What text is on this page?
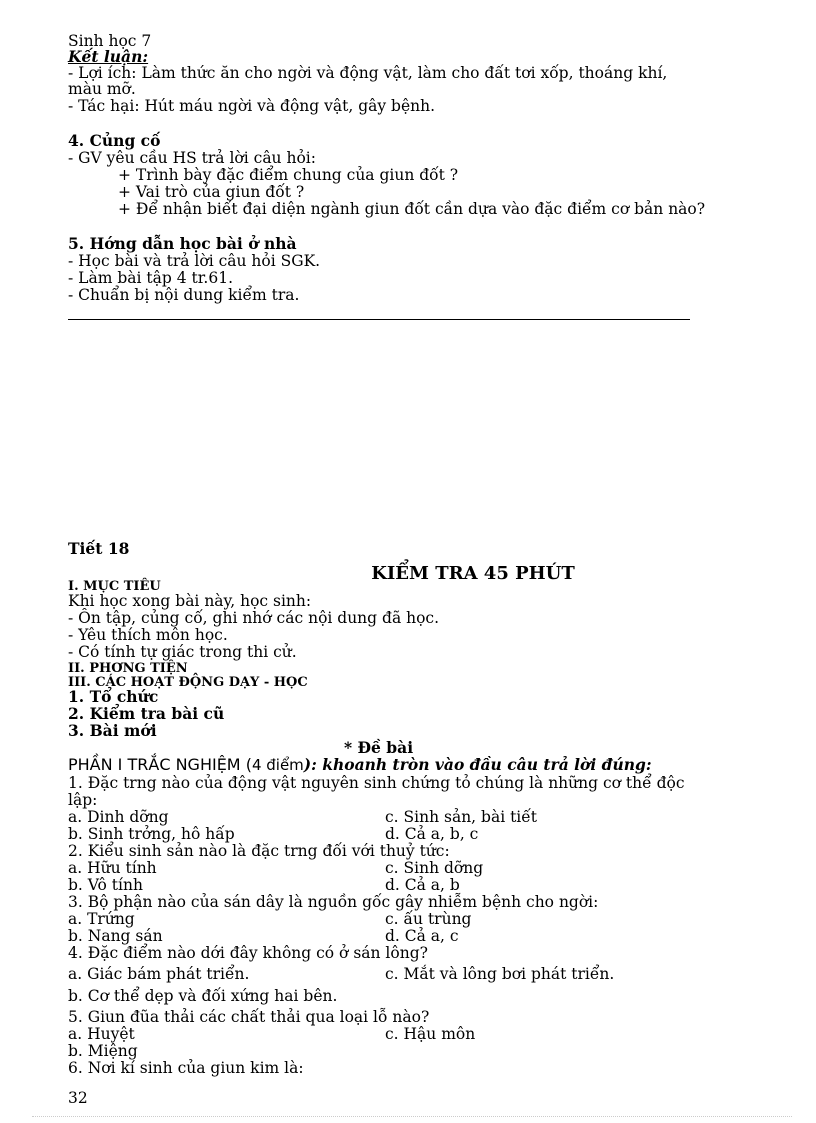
Sinh học 7
Kết luận:
- Lợi ích: Làm thức ăn cho ngời và động vật, làm cho đất tơi xốp, thoáng khí,
màu mỡ.
- Tác hại: Hút máu ngời và động vật, gây bệnh.
4. Củng cố
- GV yêu cầu HS trả lời câu hỏi:
+ Trình bày đặc điểm chung của giun đốt ?
+ Vai trò của giun đốt ?
+ Để nhận biết đại diện ngành giun đốt cần dựa vào đặc điểm cơ bản nào?
5. Hớng dẫn học bài ở nhà
- Học bài và trả lời câu hỏi SGK.
- Làm bài tập 4 tr.61.
- Chuẩn bị nội dung kiểm tra.
Tiết 18
KIỂM TRA 45 PHÚT
I. MỤC TIÊU
Khi học xong bài này, học sinh:
- Ôn tập, củng cố, ghi nhớ các nội dung đã học.
- Yêu thích môn học.
- Có tính tự giác trong thi cử.
II. PHƠNG TIỆN
III. CÁC HOẠT ĐỘNG DẠY - HỌC
1. Tổ chức
2. Kiểm tra bài cũ
3. Bài mới
* Đề bài
PHẦN I TRẮC NGHIỆM (4 điểm): khoanh tròn vào đầu câu trả lời đúng:
1. Đặc trng nào của động vật nguyên sinh chứng tỏ chúng là những cơ thể độc
lập:
a. Dinh dỡng	c. Sinh sản, bài tiết
b. Sinh trởng, hô hấp	d. Cả a, b, c
2. Kiểu sinh sản nào là đặc trng đối với thuỷ tức:
a. Hữu tính	c. Sinh dỡng
b. Vô tính	d. Cả a, b
3. Bộ phận nào của sán dây là nguồn gốc gây nhiễm bệnh cho ngời:
a. Trứng	c. ấu trùng
b. Nang sán	d. Cả a, c
4. Đặc điểm nào dới đây không có ở sán lông?
a. Giác bám phát triển.	c. Mắt và lông bơi phát triển.
b. Cơ thể dẹp và đối xứng hai bên.
5. Giun đũa thải các chất thải qua loại lỗ nào?
a. Huyệt	c. Hậu môn
b. Miệng
6. Nơi kí sinh của giun kim là:
32
